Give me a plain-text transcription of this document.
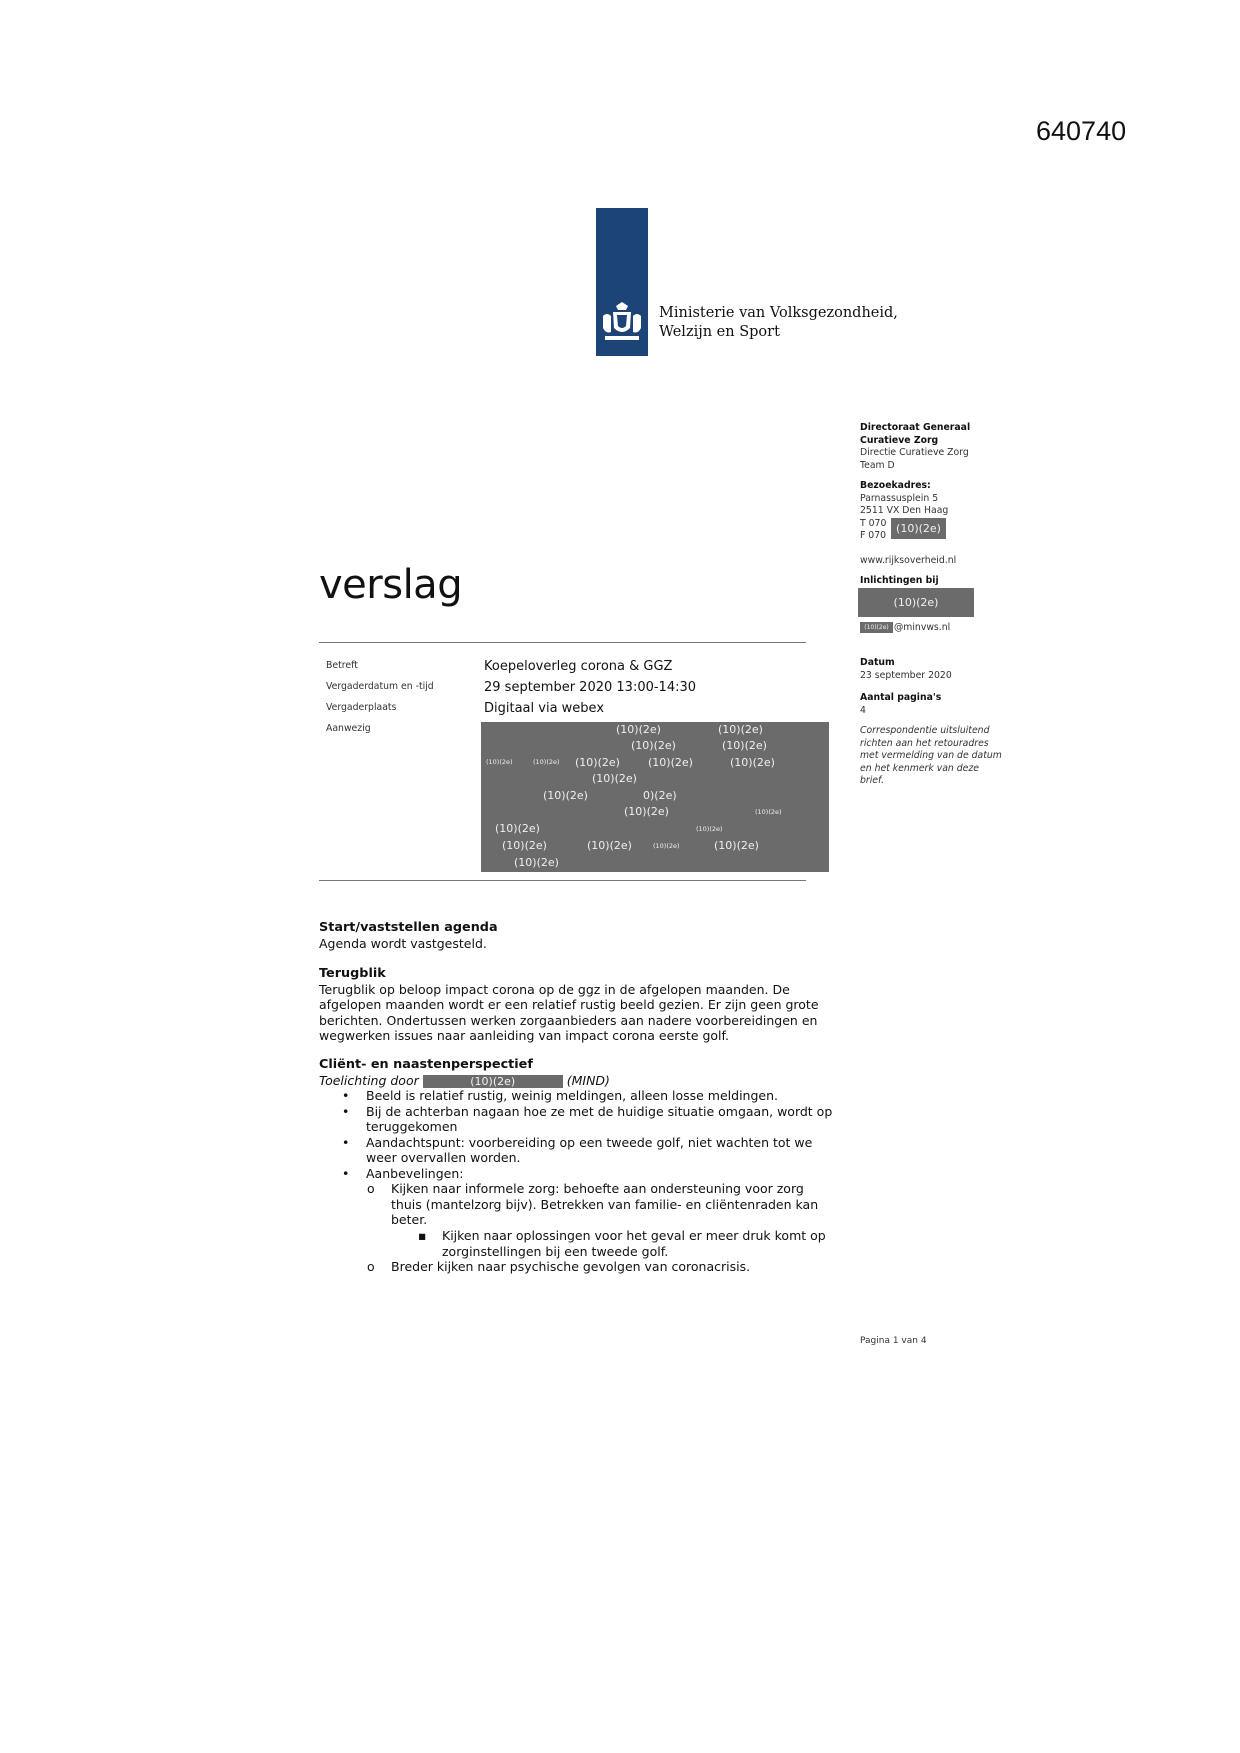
640740
Ministerie van Volksgezondheid,
Welzijn en Sport
Directoraat Generaal
Curatieve Zorg
Directie Curatieve Zorg
Team D
Bezoekadres:
Parnassusplein 5
2511 VX Den Haag
T 070
F 070
(10)(2e)
www.rijksoverheid.nl
Inlichtingen bij
(10)(2e)
(10)(2e) @minvws.nl
Datum
23 september 2020
Aantal pagina's
4
Correspondentie uitsluitend
richten aan het retouradres
met vermelding van de datum
en het kenmerk van deze
brief.
verslag
Betreft	Koepeloverleg corona & GGZ
Vergaderdatum en -tijd	29 september 2020 13:00-14:30
Vergaderplaats	Digitaal via webex
Aanwezig	(10)(2e)	(10)(2e)
(10)(2e)	(10)(2e)
(10)(2e)	(10)(2e) (10)(2e)	(10)(2e)	(10)(2e)
(10)(2e)
(10)(2e)	0)(2e)
(10)(2e)	(10)(2e)
(10)(2e)	(10)(2e)
(10)(2e)	(10)(2e)	(10)(2e)	(10)(2e)
(10)(2e)

Start/vaststellen agenda

Agenda wordt vastgesteld.

Terugblik

Terugblik op beloop impact corona op de ggz in de afgelopen maanden. De

afgelopen maanden wordt er een relatief rustig beeld gezien. Er zijn geen grote

berichten. Ondertussen werken zorgaanbieders aan nadere voorbereidingen en

wegwerken issues naar aanleiding van impact corona eerste golf.

Cliënt- en naastenperspectief

Toelichting door	(10)(2e)	(MIND)

• Beeld is relatief rustig, weinig meldingen, alleen losse meldingen.
• Bij de achterban nagaan hoe ze met de huidige situatie omgaan, wordt op
teruggekomen
• Aandachtspunt: voorbereiding op een tweede golf, niet wachten tot we
weer overvallen worden.
• Aanbevelingen:
o Kijken naar informele zorg: behoefte aan ondersteuning voor zorg
thuis (mantelzorg bijv). Betrekken van familie- en cliëntenraden kan
beter.
▪ Kijken naar oplossingen voor het geval er meer druk komt op
zorginstellingen bij een tweede golf.
o Breder kijken naar psychische gevolgen van coronacrisis.
Pagina 1 van 4
